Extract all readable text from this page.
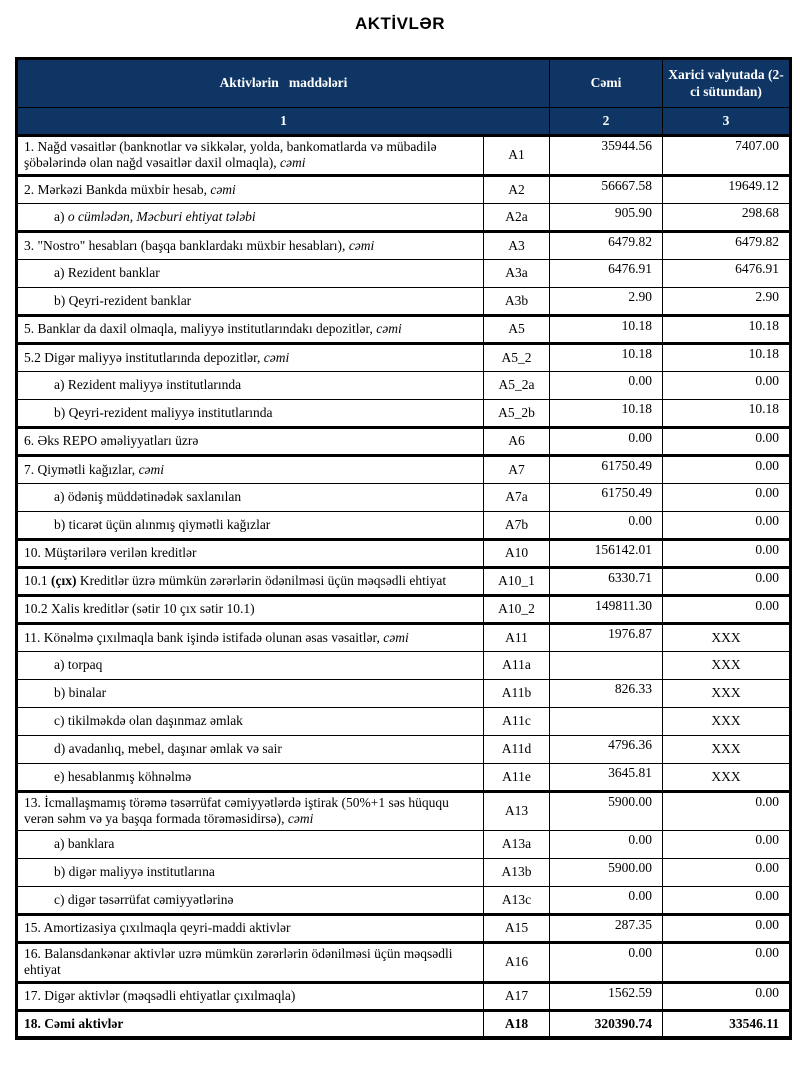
AKTİVLƏR
Aktivlərin   maddələri		Cəmi	Xarici valyutada (2-ci sütundan)
1		2	3
1. Nağd vəsaitlər (banknotlar və sikkələr, yolda, bankomatlarda və mübadilə şöbələrində olan nağd vəsaitlər daxil olmaqla), cəmi	A1	35944.56	7407.00
2. Mərkəzi Bankda müxbir hesab, cəmi	A2	56667.58	19649.12
a) o cümlədən, Məcburi ehtiyat tələbi	A2a	905.90	298.68
3. "Nostro" hesabları (başqa banklardakı müxbir hesabları), cəmi	A3	6479.82	6479.82
a) Rezident banklar	A3a	6476.91	6476.91
b) Qeyri-rezident banklar	A3b	2.90	2.90
5. Banklar da daxil olmaqla, maliyyə institutlarındakı depozitlər, cəmi	A5	10.18	10.18
5.2 Digər maliyyə institutlarında depozitlər, cəmi	A5_2	10.18	10.18
a) Rezident maliyyə institutlarında	A5_2a	0.00	0.00
b) Qeyri-rezident maliyyə institutlarında	A5_2b	10.18	10.18
6. Əks REPO əməliyyatları üzrə	A6	0.00	0.00
7. Qiymətli kağızlar, cəmi	A7	61750.49	0.00
a) ödəniş müddətinədək saxlanılan	A7a	61750.49	0.00
b) ticarət üçün alınmış qiymətli kağızlar	A7b	0.00	0.00
10. Müştərilərə verilən kreditlər	A10	156142.01	0.00
10.1 (çıx) Kreditlər üzrə mümkün zərərlərin ödənilməsi üçün məqsədli ehtiyat	A10_1	6330.71	0.00
10.2 Xalis kreditlər (sətir 10 çıx sətir 10.1)	A10_2	149811.30	0.00
11. Könəlmə çıxılmaqla bank işində istifadə olunan əsas vəsaitlər, cəmi	A11	1976.87	XXX
a) torpaq	A11a		XXX
b) binalar	A11b	826.33	XXX
c) tikilməkdə olan daşınmaz əmlak	A11c		XXX
d) avadanlıq, mebel, daşınar əmlak və sair	A11d	4796.36	XXX
e) hesablanmış köhnəlmə	A11e	3645.81	XXX
13. İcmallaşmamış törəmə təsərrüfat cəmiyyətlərdə iştirak (50%+1 səs hüququ verən səhm və ya başqa formada törəməsidirsə), cəmi	A13	5900.00	0.00
a) banklara	A13a	0.00	0.00
b) digər maliyyə institutlarına	A13b	5900.00	0.00
c) digər təsərrüfat cəmiyyətlərinə	A13c	0.00	0.00
15. Amortizasiya çıxılmaqla qeyri-maddi aktivlər	A15	287.35	0.00
16. Balansdankənar aktivlər uzrə mümkün zərərlərin ödənilməsi üçün məqsədli ehtiyat	A16	0.00	0.00
17. Digər aktivlər (məqsədli ehtiyatlar çıxılmaqla)	A17	1562.59	0.00
18. Cəmi aktivlər	A18	320390.74	33546.11
